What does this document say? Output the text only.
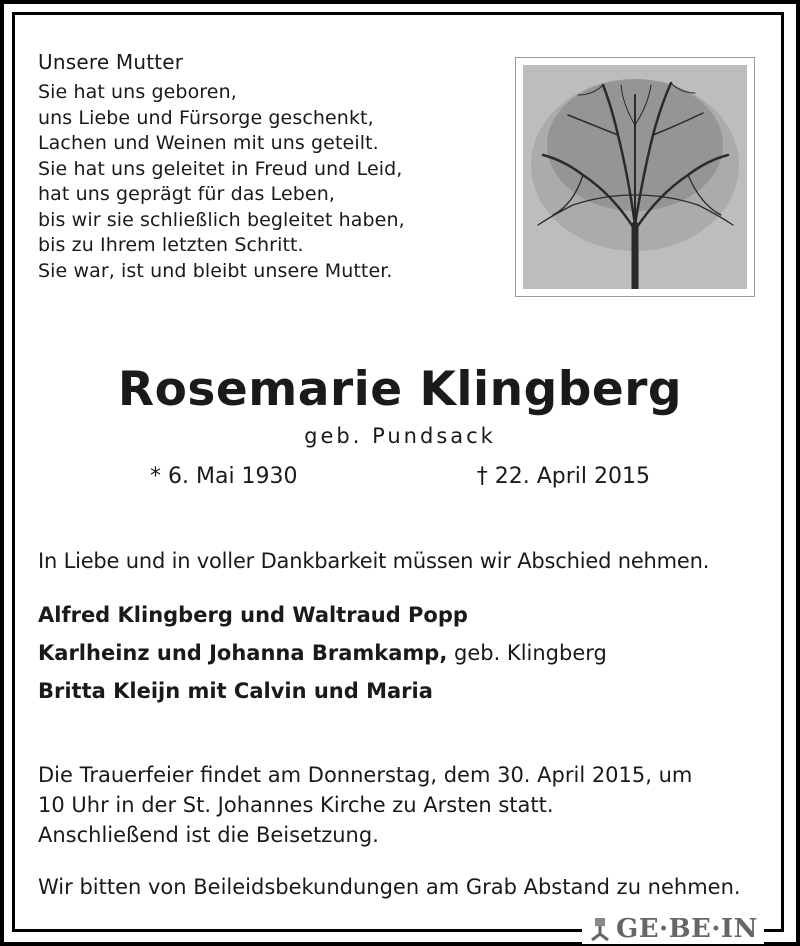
Unsere Mutter
Sie hat uns geboren,
uns Liebe und Fürsorge geschenkt,
Lachen und Weinen mit uns geteilt.
Sie hat uns geleitet in Freud und Leid,
hat uns geprägt für das Leben,
bis wir sie schließlich begleitet haben,
bis zu Ihrem letzten Schritt.
Sie war, ist und bleibt unsere Mutter.
Rosemarie Klingberg
geb. Pundsack
* 6. Mai 1930	† 22. April 2015
In Liebe und in voller Dankbarkeit müssen wir Abschied nehmen.
Alfred Klingberg und Waltraud Popp
Karlheinz und Johanna Bramkamp, geb. Klingberg
Britta Kleijn mit Calvin und Maria
Die Trauerfeier findet am Donnerstag, dem 30. April 2015, um
10 Uhr in der St. Johannes Kirche zu Arsten statt.
Anschließend ist die Beisetzung.
Wir bitten von Beileidsbekundungen am Grab Abstand zu nehmen.
GE·BE·IN
